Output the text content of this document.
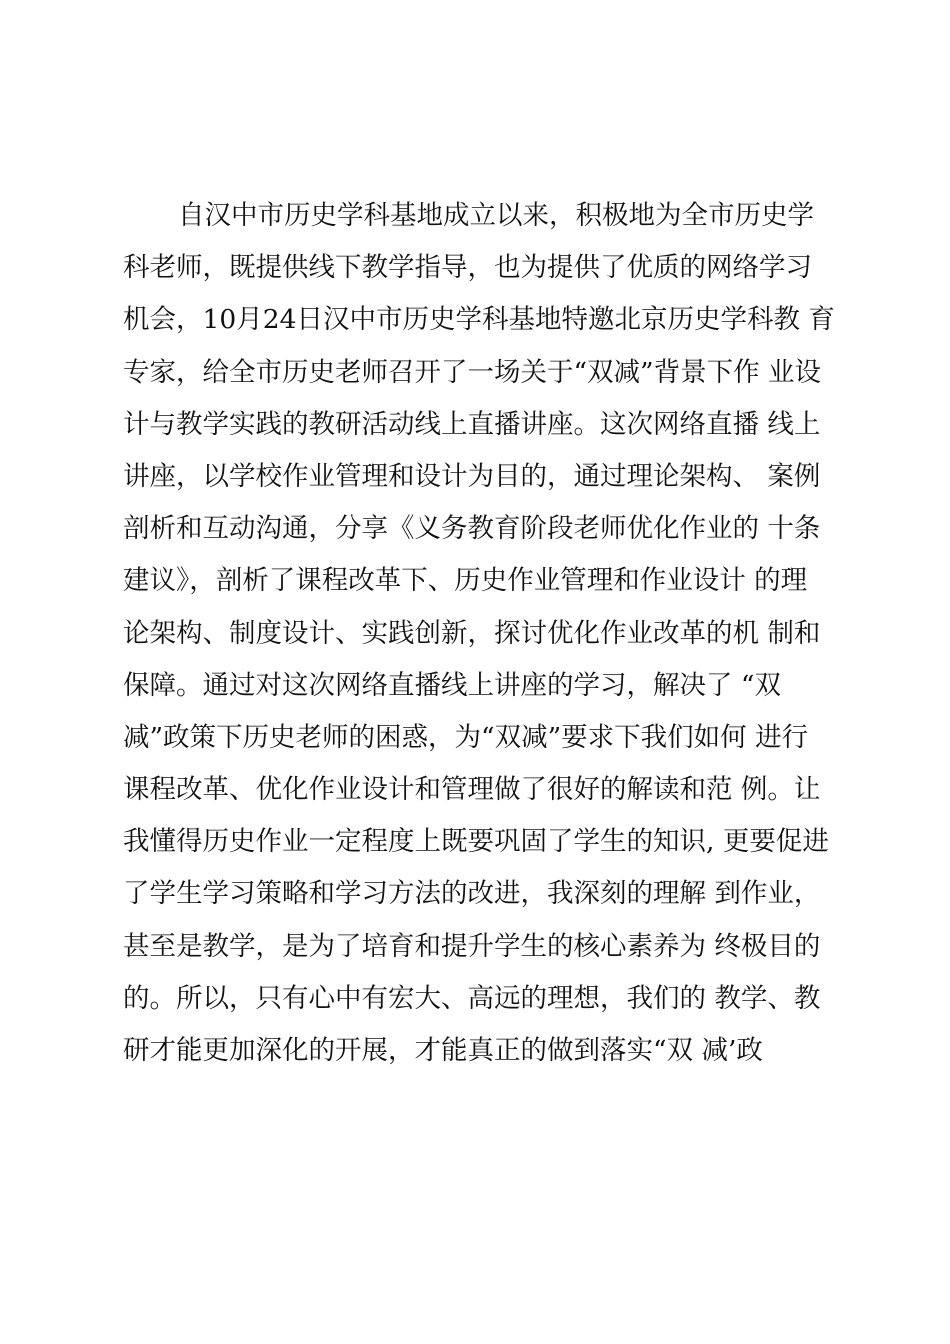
自汉中市历史学科基地成立以来，积极地为全市历史学
科老师，既提供线下教学指导，也为提供了优质的网络学习
机会，10月24日汉中市历史学科基地特邀北京历史学科教 育
专家，给全市历史老师召开了一场关于“双减”背景下作 业设
计与教学实践的教研活动线上直播讲座。这次网络直播 线上
讲座，以学校作业管理和设计为目的，通过理论架构、 案例
剖析和互动沟通，分享《义务教育阶段老师优化作业的 十条
建议》，剖析了课程改革下、历史作业管理和作业设计 的理
论架构、制度设计、实践创新，探讨优化作业改革的机 制和
保障。通过对这次网络直播线上讲座的学习，解决了 “双
减”政策下历史老师的困惑，为“双减”要求下我们如何 进行
课程改革、优化作业设计和管理做了很好的解读和范 例。让
我懂得历史作业一定程度上既要巩固了学生的知识, 更要促进
了学生学习策略和学习方法的改进，我深刻的理解 到作业，
甚至是教学，是为了培育和提升学生的核心素养为 终极目的
的。所以，只有心中有宏大、高远的理想，我们的 教学、教
研才能更加深化的开展，才能真正的做到落实“双 减’政
